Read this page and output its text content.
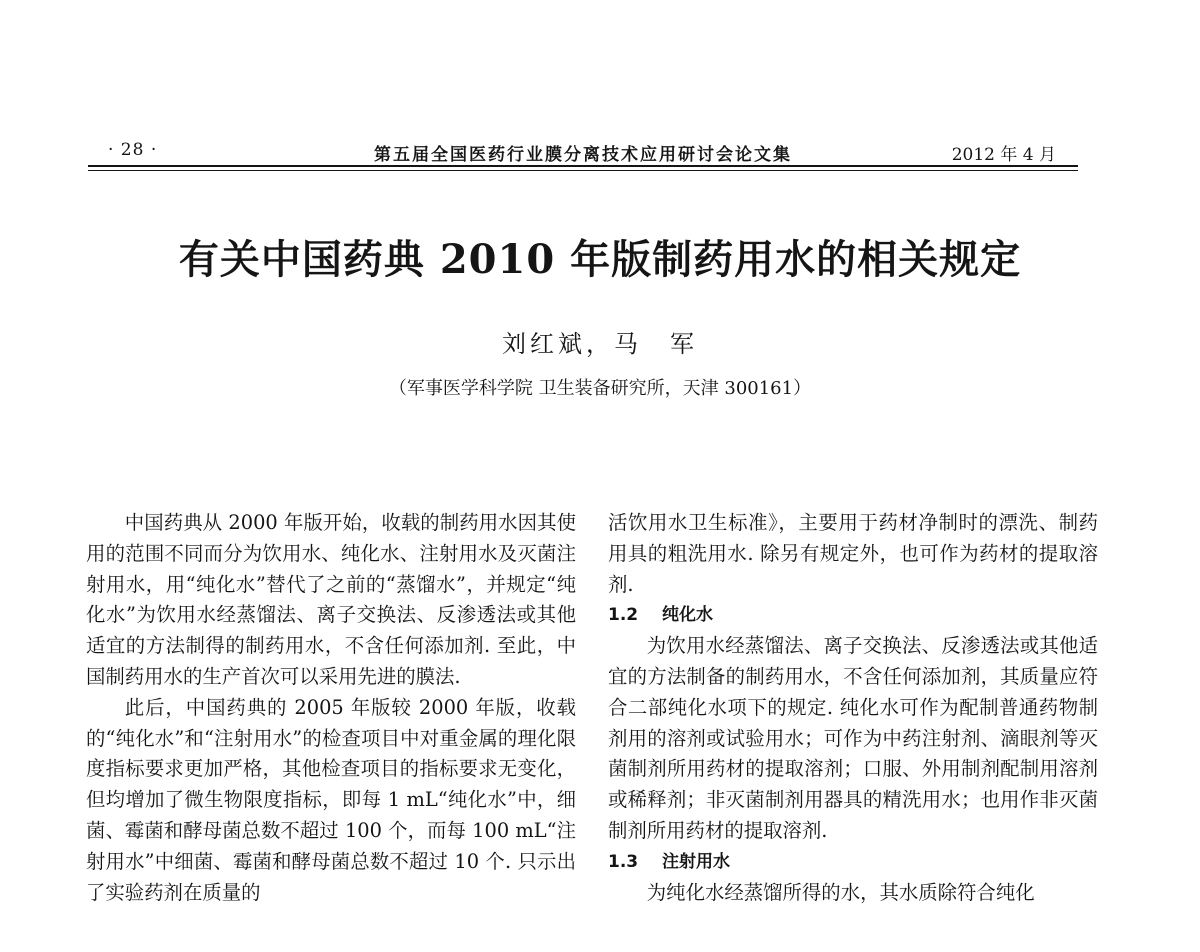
· 28 ·	第五届全国医药行业膜分离技术应用研讨会论文集	2012 年 4 月
有关中国药典 2010 年版制药用水的相关规定
刘红斌，马　军
（军事医学科学院 卫生装备研究所，天津 300161）

中国药典从 2000 年版开始，收载的制药用水因其使用的范围不同而分为饮用水、纯化水、注射用水及灭菌注射用水，用“纯化水”替代了之前的“蒸馏水”，并规定“纯化水”为饮用水经蒸馏法、离子交换法、反渗透法或其他适宜的方法制得的制药用水，不含任何添加剂. 至此，中国制药用水的生产首次可以采用先进的膜法.

此后，中国药典的 2005 年版较 2000 年版，收载的“纯化水”和“注射用水”的检查项目中对重金属的理化限度指标要求更加严格，其他检查项目的指标要求无变化，但均增加了微生物限度指标，即每 1 mL“纯化水”中，细菌、霉菌和酵母菌总数不超过 100 个，而每 100 mL“注射用水”中细菌、霉菌和酵母菌总数不超过 10 个. 只示出了实验药剂在质量的

活饮用水卫生标准》，主要用于药材净制时的漂洗、制药用具的粗洗用水. 除另有规定外，也可作为药材的提取溶剂.

1.2 纯化水

为饮用水经蒸馏法、离子交换法、反渗透法或其他适宜的方法制备的制药用水，不含任何添加剂，其质量应符合二部纯化水项下的规定. 纯化水可作为配制普通药物制剂用的溶剂或试验用水；可作为中药注射剂、滴眼剂等灭菌制剂所用药材的提取溶剂；口服、外用制剂配制用溶剂或稀释剂；非灭菌制剂用器具的精洗用水；也用作非灭菌制剂所用药材的提取溶剂.

1.3 注射用水

为纯化水经蒸馏所得的水，其水质除符合纯化
